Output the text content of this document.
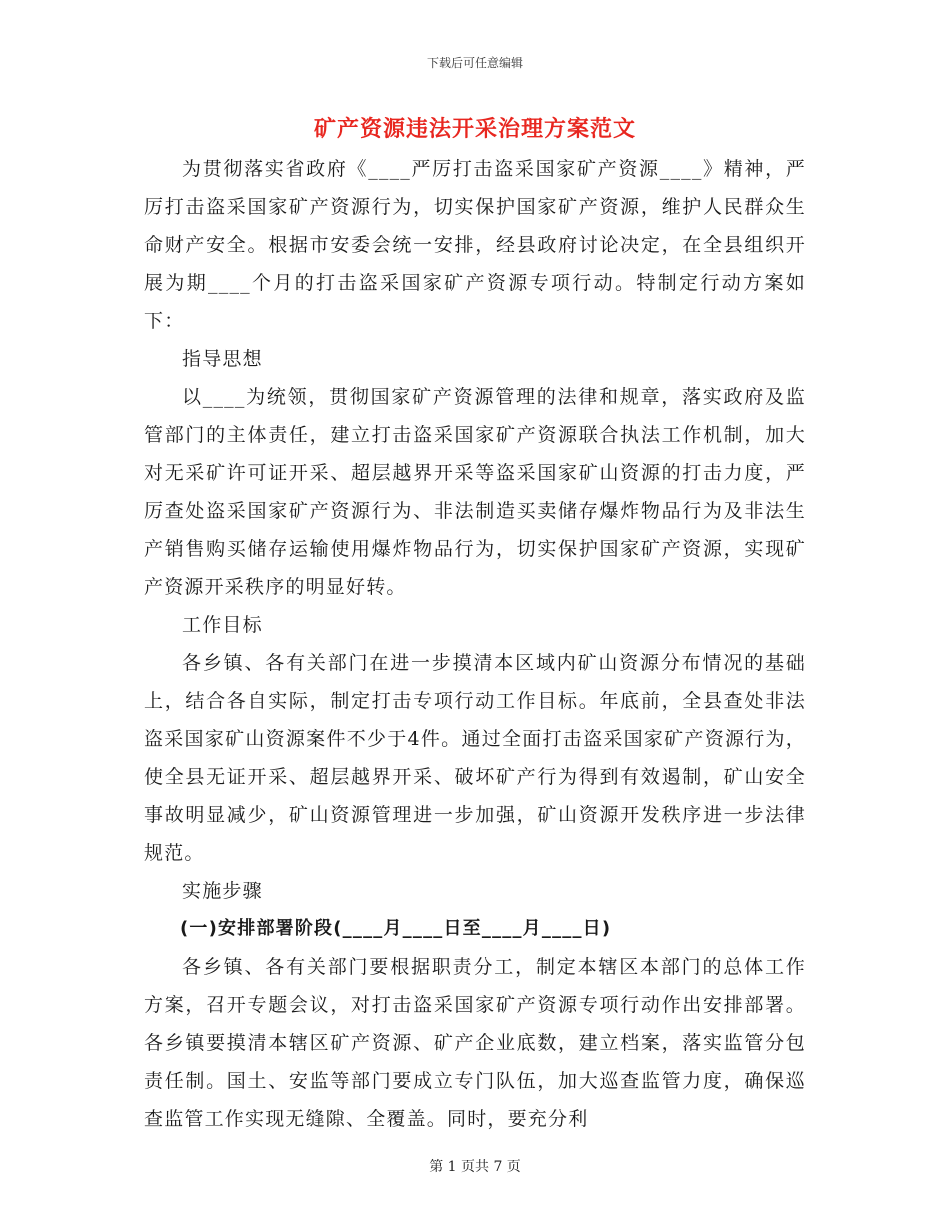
下载后可任意编辑
矿产资源违法开采治理方案范文

为贯彻落实省政府《____严厉打击盗采国家矿产资源____》精神，严厉打击盗采国家矿产资源行为，切实保护国家矿产资源，维护人民群众生命财产安全。根据市安委会统一安排，经县政府讨论决定，在全县组织开展为期____个月的打击盗采国家矿产资源专项行动。特制定行动方案如下：

指导思想

以____为统领，贯彻国家矿产资源管理的法律和规章，落实政府及监管部门的主体责任，建立打击盗采国家矿产资源联合执法工作机制，加大对无采矿许可证开采、超层越界开采等盗采国家矿山资源的打击力度，严厉查处盗采国家矿产资源行为、非法制造买卖储存爆炸物品行为及非法生产销售购买储存运输使用爆炸物品行为，切实保护国家矿产资源，实现矿产资源开采秩序的明显好转。

工作目标

各乡镇、各有关部门在进一步摸清本区域内矿山资源分布情况的基础上，结合各自实际，制定打击专项行动工作目标。年底前，全县查处非法盗采国家矿山资源案件不少于4件。通过全面打击盗采国家矿产资源行为，使全县无证开采、超层越界开采、破坏矿产行为得到有效遏制，矿山安全事故明显减少，矿山资源管理进一步加强，矿山资源开发秩序进一步法律规范。

实施步骤

(一)安排部署阶段(____月____日至____月____日)

各乡镇、各有关部门要根据职责分工，制定本辖区本部门的总体工作方案，召开专题会议，对打击盗采国家矿产资源专项行动作出安排部署。各乡镇要摸清本辖区矿产资源、矿产企业底数，建立档案，落实监管分包责任制。国土、安监等部门要成立专门队伍，加大巡查监管力度，确保巡查监管工作实现无缝隙、全覆盖。同时，要充分利

第 1 页共 7 页
